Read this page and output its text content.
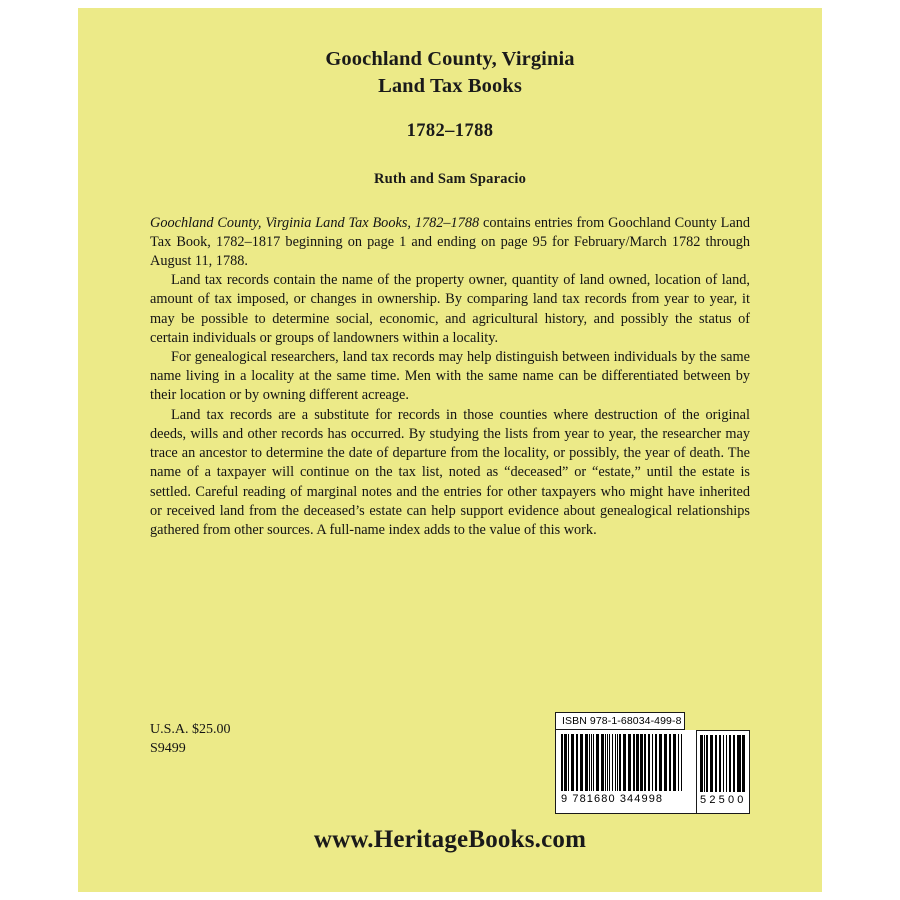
Goochland County, Virginia
Land Tax Books
1782–1788
Ruth and Sam Sparacio

Goochland County, Virginia Land Tax Books, 1782–1788 contains entries from Goochland County Land Tax Book, 1782–1817 beginning on page 1 and ending on page 95 for February/March 1782 through August 11, 1788.

Land tax records contain the name of the property owner, quantity of land owned, location of land, amount of tax imposed, or changes in ownership. By comparing land tax records from year to year, it may be possible to determine social, economic, and agricultural history, and possibly the status of certain individuals or groups of landowners within a locality.

For genealogical researchers, land tax records may help distinguish between individuals by the same name living in a locality at the same time. Men with the same name can be differentiated between by their location or by owning different acreage.

Land tax records are a substitute for records in those counties where destruction of the original deeds, wills and other records has occurred. By studying the lists from year to year, the researcher may trace an ancestor to determine the date of departure from the locality, or possibly, the year of death. The name of a taxpayer will continue on the tax list, noted as “deceased” or “estate,” until the estate is settled. Careful reading of marginal notes and the entries for other taxpayers who might have inherited or received land from the deceased’s estate can help support evidence about genealogical relationships gathered from other sources. A full-name index adds to the value of this work.

U.S.A. $25.00
S9499
ISBN 978-1-68034-499-8
9 781680 344998	52500
www.HeritageBooks.com
